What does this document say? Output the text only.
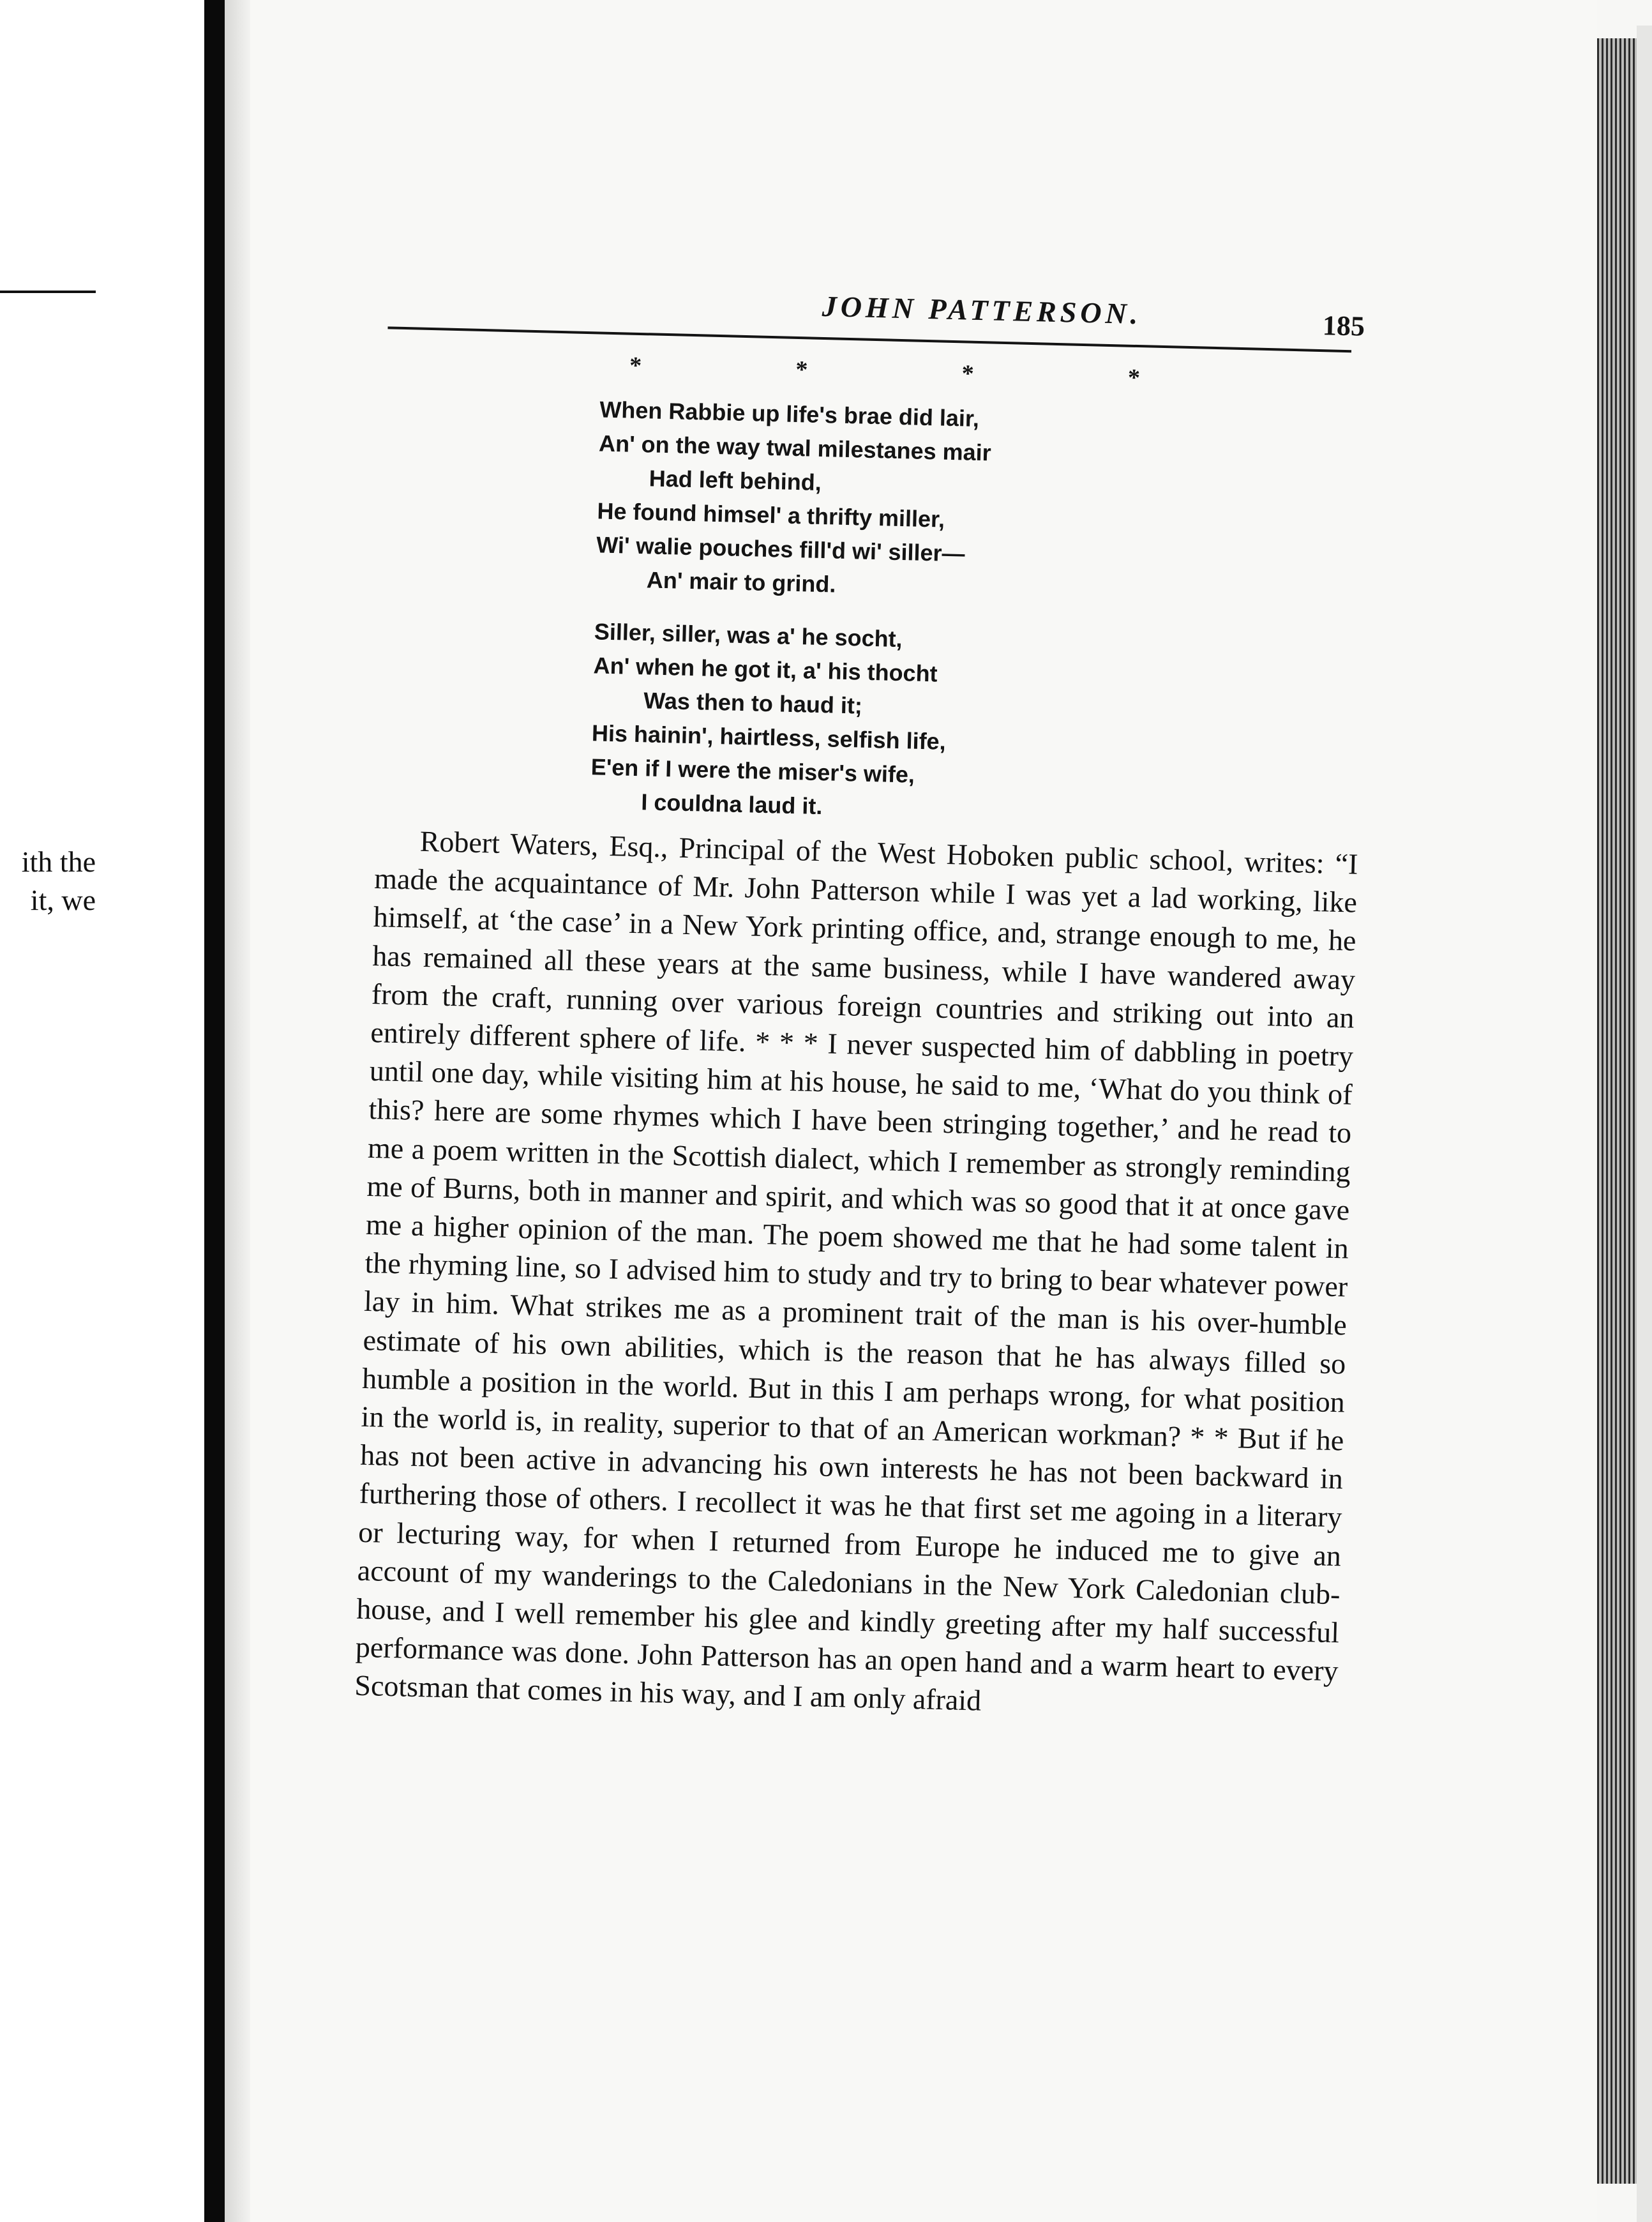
ith the
it, we
JOHN PATTERSON.	185
*	*	*	*
When Rabbie up life's brae did lair,
An' on the way twal milestanes mair
Had left behind,
He found himsel' a thrifty miller,
Wi' walie pouches fill'd wi' siller—
An' mair to grind.
Siller, siller, was a' he socht,
An' when he got it, a' his thocht
Was then to haud it;
His hainin', hairtless, selfish life,
E'en if I were the miser's wife,
I couldna laud it.

Robert Waters, Esq., Principal of the West Hoboken public school, writes: “I made the acquaintance of Mr. John Patterson while I was yet a lad working, like himself, at ‘the case’ in a New York printing office, and, strange enough to me, he has remained all these years at the same business, while I have wandered away from the craft, running over various foreign countries and striking out into an entirely different sphere of life. * * * I never suspected him of dabbling in poetry until one day, while visiting him at his house, he said to me, ‘What do you think of this? here are some rhymes which I have been stringing together,’ and he read to me a poem written in the Scottish dialect, which I remember as strongly reminding me of Burns, both in manner and spirit, and which was so good that it at once gave me a higher opinion of the man. The poem showed me that he had some talent in the rhyming line, so I advised him to study and try to bring to bear whatever power lay in him. What strikes me as a prominent trait of the man is his over-humble estimate of his own abilities, which is the reason that he has always filled so humble a position in the world. But in this I am perhaps wrong, for what position in the world is, in reality, superior to that of an American workman? * * But if he has not been active in advancing his own interests he has not been backward in furthering those of others. I recollect it was he that first set me agoing in a literary or lecturing way, for when I returned from Europe he induced me to give an account of my wanderings to the Caledonians in the New York Caledonian club-house, and I well remember his glee and kindly greeting after my half successful performance was done. John Patterson has an open hand and a warm heart to every Scotsman that comes in his way, and I am only afraid
